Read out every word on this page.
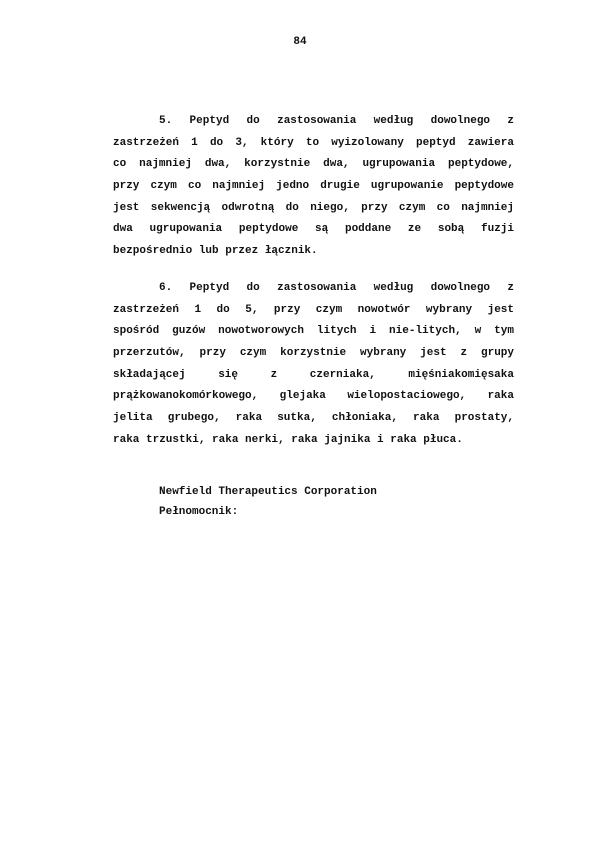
84
5. Peptyd do zastosowania według dowolnego z
zastrzeżeń 1 do 3, który to wyizolowany peptyd zawiera
co najmniej dwa, korzystnie dwa, ugrupowania peptydowe,
przy czym co najmniej jedno drugie ugrupowanie peptydowe
jest sekwencją odwrotną do niego, przy czym co najmniej
dwa ugrupowania peptydowe są poddane ze sobą fuzji
bezpośrednio lub przez łącznik.
6. Peptyd do zastosowania według dowolnego z
zastrzeżeń 1 do 5, przy czym nowotwór wybrany jest
spośród guzów nowotworowych litych i nie-litych, w tym
przerzutów, przy czym korzystnie wybrany jest z grupy
składającej się z czerniaka, mięśniakomięsaka
prążkowanokomórkowego, glejaka wielopostaciowego, raka
jelita grubego, raka sutka, chłoniaka, raka prostaty,
raka trzustki, raka nerki, raka jajnika i raka płuca.
Newfield Therapeutics Corporation
Pełnomocnik:
